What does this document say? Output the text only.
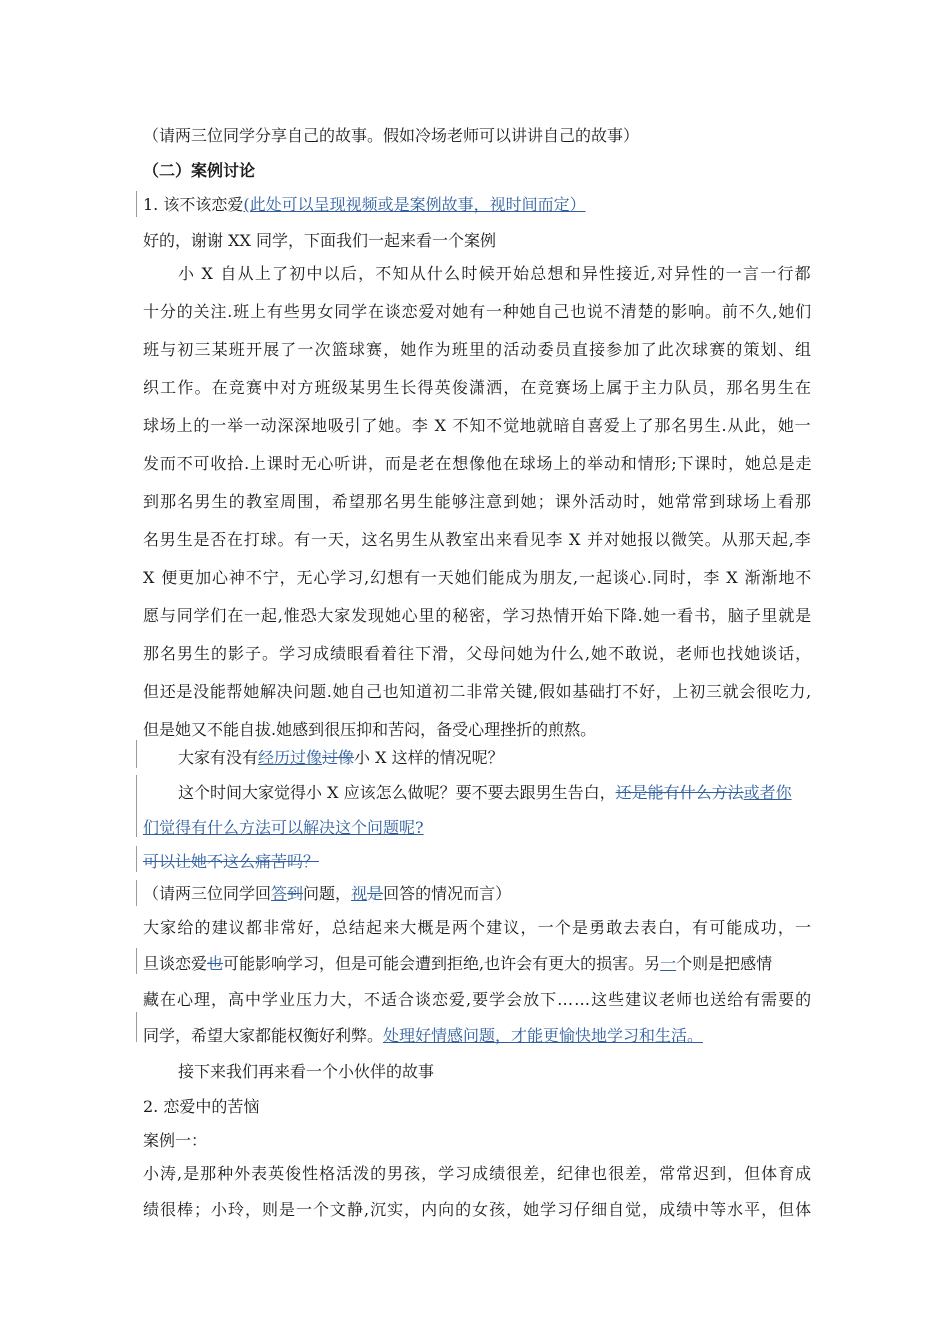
（请两三位同学分享自己的故事。假如冷场老师可以讲讲自己的故事）
（二）案例讨论
1. 该不该恋爱(此处可以呈现视频或是案例故事，视时间而定）
好的，谢谢 XX 同学，下面我们一起来看一个案例
小 X 自从上了初中以后，不知从什么时候开始总想和异性接近,对异性的一言一行都
十分的关注.班上有些男女同学在谈恋爱对她有一种她自己也说不清楚的影响。前不久,她们
班与初三某班开展了一次篮球赛，她作为班里的活动委员直接参加了此次球赛的策划、组
织工作。在竞赛中对方班级某男生长得英俊潇洒，在竞赛场上属于主力队员，那名男生在
球场上的一举一动深深地吸引了她。李 X 不知不觉地就暗自喜爱上了那名男生.从此，她一
发而不可收拾.上课时无心听讲，而是老在想像他在球场上的举动和情形;下课时，她总是走
到那名男生的教室周围，希望那名男生能够注意到她；课外活动时，她常常到球场上看那
名男生是否在打球。有一天，这名男生从教室出来看见李 X 并对她报以微笑。从那天起,李
X 便更加心神不宁，无心学习,幻想有一天她们能成为朋友,一起谈心.同时，李 X 渐渐地不
愿与同学们在一起,惟恐大家发现她心里的秘密，学习热情开始下降.她一看书，脑子里就是
那名男生的影子。学习成绩眼看着往下滑，父母问她为什么,她不敢说，老师也找她谈话，
但还是没能帮她解决问题.她自己也知道初二非常关键,假如基础打不好，上初三就会很吃力,
但是她又不能自拔.她感到很压抑和苦闷，备受心理挫折的煎熬。
大家有没有经历过像过像小 X 这样的情况呢？
这个时间大家觉得小 X 应该怎么做呢？要不要去跟男生告白，还是能有什么方法或者你
们觉得有什么方法可以解决这个问题呢?
可以让她不这么痛苦吗？
（请两三位同学回答到问题，视是回答的情况而言）
大家给的建议都非常好，总结起来大概是两个建议，一个是勇敢去表白，有可能成功，一
旦谈恋爱也可能影响学习，但是可能会遭到拒绝,也许会有更大的损害。另一个则是把感情
藏在心理，高中学业压力大，不适合谈恋爱,要学会放下……这些建议老师也送给有需要的
同学，希望大家都能权衡好利弊。处理好情感问题，才能更愉快地学习和生活。
接下来我们再来看一个小伙伴的故事
2. 恋爱中的苦恼
案例一：
小涛,是那种外表英俊性格活泼的男孩，学习成绩很差，纪律也很差，常常迟到，但体育成
绩很棒；小玲，则是一个文静,沉实，内向的女孩，她学习仔细自觉，成绩中等水平，但体
